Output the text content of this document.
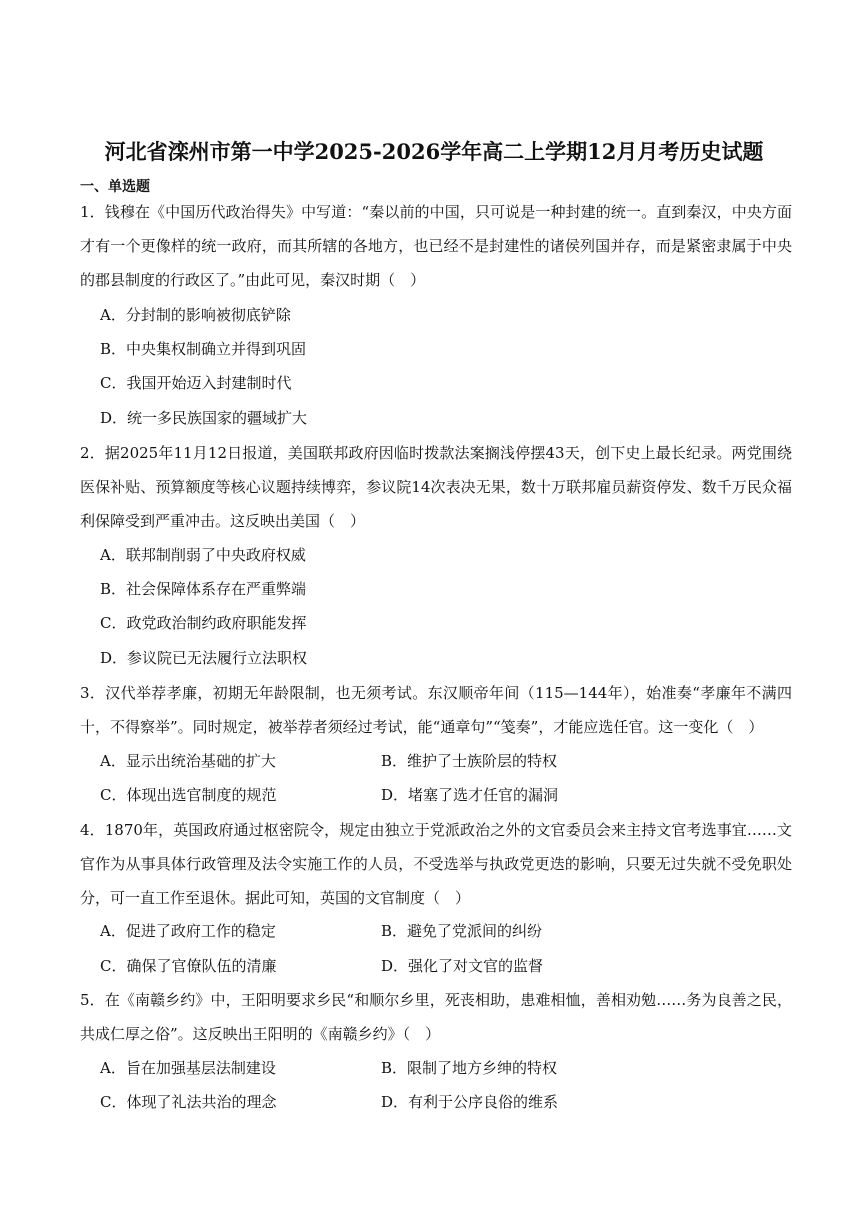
河北省滦州市第一中学2025-2026学年高二上学期12月月考历史试题
一、单选题
1．钱穆在《中国历代政治得失》中写道：“秦以前的中国，只可说是一种封建的统一。直到秦汉，中央方面才有一个更像样的统一政府，而其所辖的各地方，也已经不是封建性的诸侯列国并存，而是紧密隶属于中央的郡县制度的行政区了。”由此可见，秦汉时期（　）
A．分封制的影响被彻底铲除
B．中央集权制确立并得到巩固
C．我国开始迈入封建制时代
D．统一多民族国家的疆域扩大
2．据2025年11月12日报道，美国联邦政府因临时拨款法案搁浅停摆43天，创下史上最长纪录。两党围绕医保补贴、预算额度等核心议题持续博弈，参议院14次表决无果，数十万联邦雇员薪资停发、数千万民众福利保障受到严重冲击。这反映出美国（　）
A．联邦制削弱了中央政府权威
B．社会保障体系存在严重弊端
C．政党政治制约政府职能发挥
D．参议院已无法履行立法职权
3．汉代举荐孝廉，初期无年龄限制，也无须考试。东汉顺帝年间（115—144年），始准奏“孝廉年不满四十，不得察举”。同时规定，被举荐者须经过考试，能“通章句”“笺奏”，才能应选任官。这一变化（　）
A．显示出统治基础的扩大	B．维护了士族阶层的特权
C．体现出选官制度的规范	D．堵塞了选才任官的漏洞
4．1870年，英国政府通过枢密院令，规定由独立于党派政治之外的文官委员会来主持文官考选事宜……文官作为从事具体行政管理及法令实施工作的人员，不受选举与执政党更迭的影响，只要无过失就不受免职处分，可一直工作至退休。据此可知，英国的文官制度（　）
A．促进了政府工作的稳定	B．避免了党派间的纠纷
C．确保了官僚队伍的清廉	D．强化了对文官的监督
5．在《南赣乡约》中，王阳明要求乡民“和顺尔乡里，死丧相助，患难相恤，善相劝勉……务为良善之民，共成仁厚之俗”。这反映出王阳明的《南赣乡约》（　）
A．旨在加强基层法制建设	B．限制了地方乡绅的特权
C．体现了礼法共治的理念	D．有利于公序良俗的维系
